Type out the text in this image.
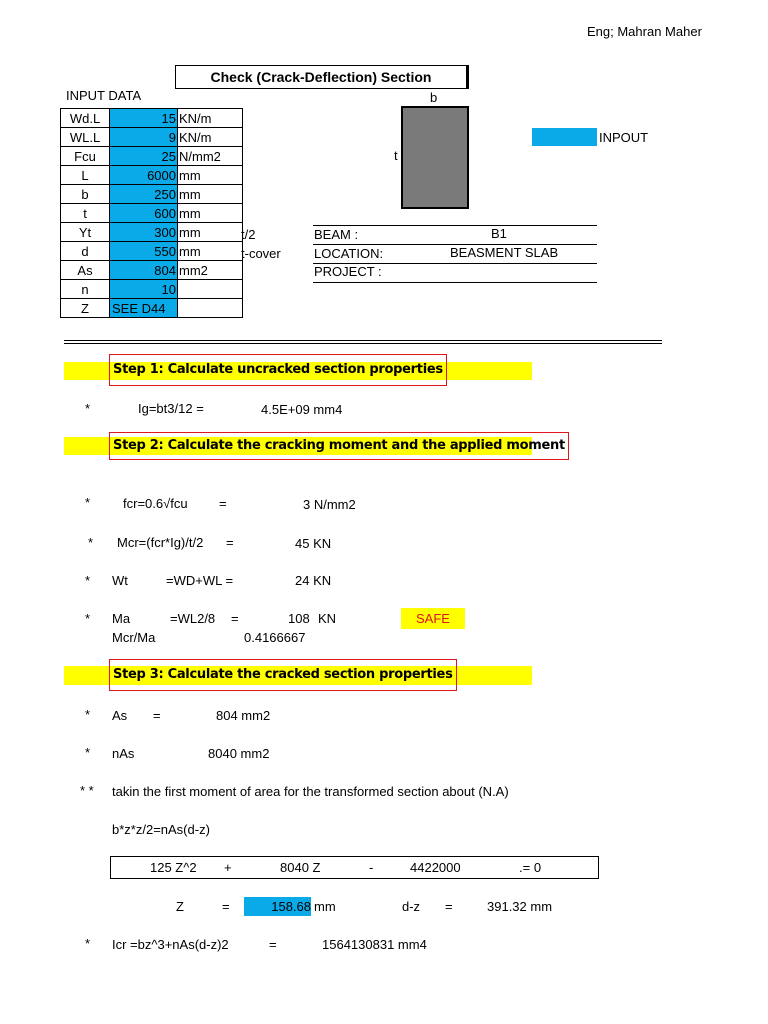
Eng; Mahran Maher
Check (Crack-Deflection) Section
INPUT DATA
Wd.L	15	KN/m
WL.L	9	KN/m
Fcu	25	N/mm2
L	6000	mm
b	250	mm
t	600	mm
Yt	300	mm
d	550	mm
As	804	mm2
n	10	
Z	SEE D44	
t/2
t-cover
b
t
INPOUT
BEAM :	B1
LOCATION:	BEASMENT SLAB
PROJECT :
Step 1: Calculate uncracked section properties
*	Ig=bt3/12 =	4.5E+09 mm4
Step 2: Calculate the cracking moment and the applied moment
*	fcr=0.6√fcu =	3 N/mm2
* Mcr=(fcr*Ig)/t/2 =	45 KN
* Wt	=WD+WL =	24 KN
* Ma	=WL2/8 =	108 KN	SAFE
Mcr/Ma	0.4166667
Step 3: Calculate the cracked section properties
* As =	804 mm2
* nAs	8040 mm2
* * takin the first moment of area for the transformed section about (N.A)
b*z*z/2=nAs(d-z)
125 Z^2 +	8040 Z	-	4422000	.= 0
Z	=	158.68 mm	d-z =	391.32 mm
* Icr =bz^3+nAs(d-z)2	=	1564130831 mm4
